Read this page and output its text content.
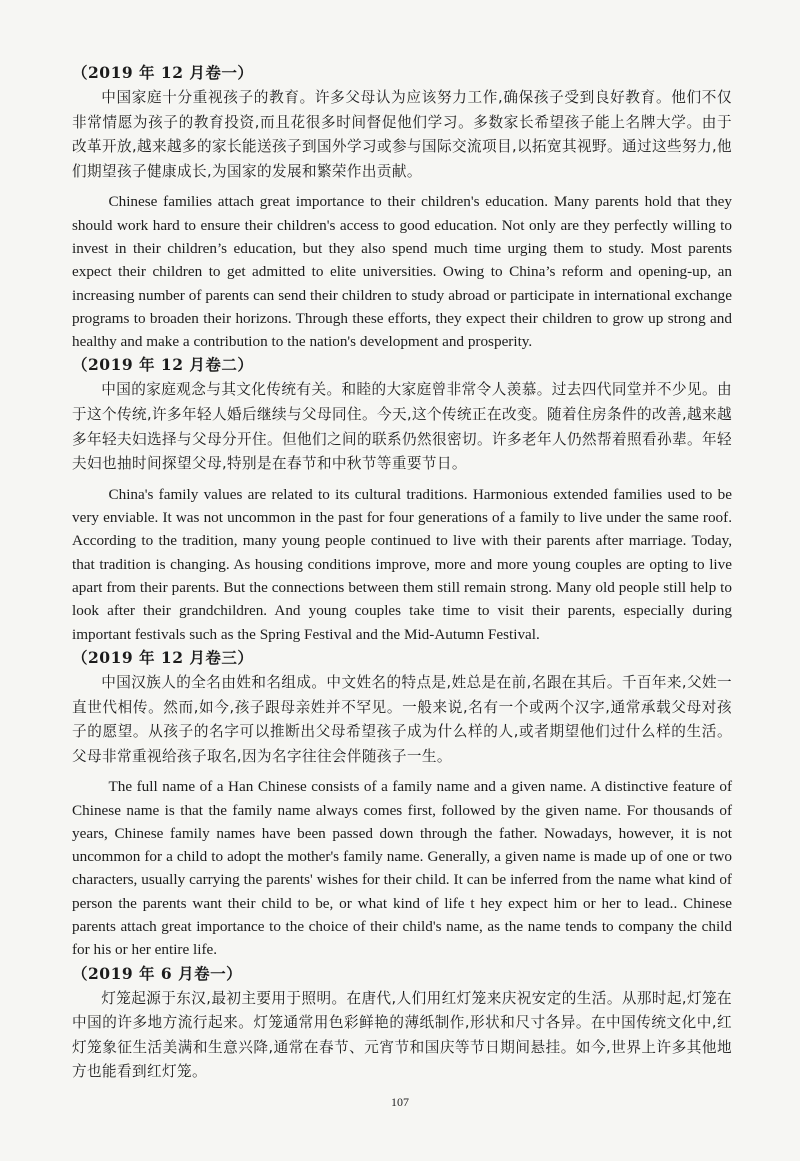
（2019 年 12 月卷一）

中国家庭十分重视孩子的教育。许多父母认为应该努力工作,确保孩子受到良好教育。他们不仅非常情愿为孩子的教育投资,而且花很多时间督促他们学习。多数家长希望孩子能上名牌大学。由于改革开放,越来越多的家长能送孩子到国外学习或参与国际交流项目,以拓宽其视野。通过这些努力,他们期望孩子健康成长,为国家的发展和繁荣作出贡献。

Chinese families attach great importance to their children's education. Many parents hold that they should work hard to ensure their children's access to good education. Not only are they perfectly willing to invest in their children’s education, but they also spend much time urging them to study. Most parents expect their children to get admitted to elite universities. Owing to China’s reform and opening-up, an increasing number of parents can send their children to study abroad or participate in international exchange programs to broaden their horizons. Through these efforts, they expect their children to grow up strong and healthy and make a contribution to the nation's development and prosperity.

（2019 年 12 月卷二）

中国的家庭观念与其文化传统有关。和睦的大家庭曾非常令人羡慕。过去四代同堂并不少见。由于这个传统,许多年轻人婚后继续与父母同住。今天,这个传统正在改变。随着住房条件的改善,越来越多年轻夫妇选择与父母分开住。但他们之间的联系仍然很密切。许多老年人仍然帮着照看孙辈。年轻夫妇也抽时间探望父母,特别是在春节和中秋节等重要节日。

China's family values are related to its cultural traditions. Harmonious extended families used to be very enviable. It was not uncommon in the past for four generations of a family to live under the same roof. According to the tradition, many young people continued to live with their parents after marriage. Today, that tradition is changing. As housing conditions improve, more and more young couples are opting to live apart from their parents. But the connections between them still remain strong. Many old people still help to look after their grandchildren. And young couples take time to visit their parents, especially during important festivals such as the Spring Festival and the Mid-Autumn Festival.

（2019 年 12 月卷三）

中国汉族人的全名由姓和名组成。中文姓名的特点是,姓总是在前,名跟在其后。千百年来,父姓一直世代相传。然而,如今,孩子跟母亲姓并不罕见。一般来说,名有一个或两个汉字,通常承载父母对孩子的愿望。从孩子的名字可以推断出父母希望孩子成为什么样的人,或者期望他们过什么样的生活。父母非常重视给孩子取名,因为名字往往会伴随孩子一生。

The full name of a Han Chinese consists of a family name and a given name. A distinctive feature of Chinese name is that the family name always comes first, followed by the given name. For thousands of years, Chinese family names have been passed down through the father. Nowadays, however, it is not uncommon for a child to adopt the mother's family name. Generally, a given name is made up of one or two characters, usually carrying the parents' wishes for their child. It can be inferred from the name what kind of person the parents want their child to be, or what kind of life t hey expect him or her to lead.. Chinese parents attach great importance to the choice of their child's name, as the name tends to company the child for his or her entire life.

（2019 年 6 月卷一）

灯笼起源于东汉,最初主要用于照明。在唐代,人们用红灯笼来庆祝安定的生活。从那时起,灯笼在中国的许多地方流行起来。灯笼通常用色彩鲜艳的薄纸制作,形状和尺寸各异。在中国传统文化中,红灯笼象征生活美满和生意兴降,通常在春节、元宵节和国庆等节日期间悬挂。如今,世界上许多其他地方也能看到红灯笼。

107
